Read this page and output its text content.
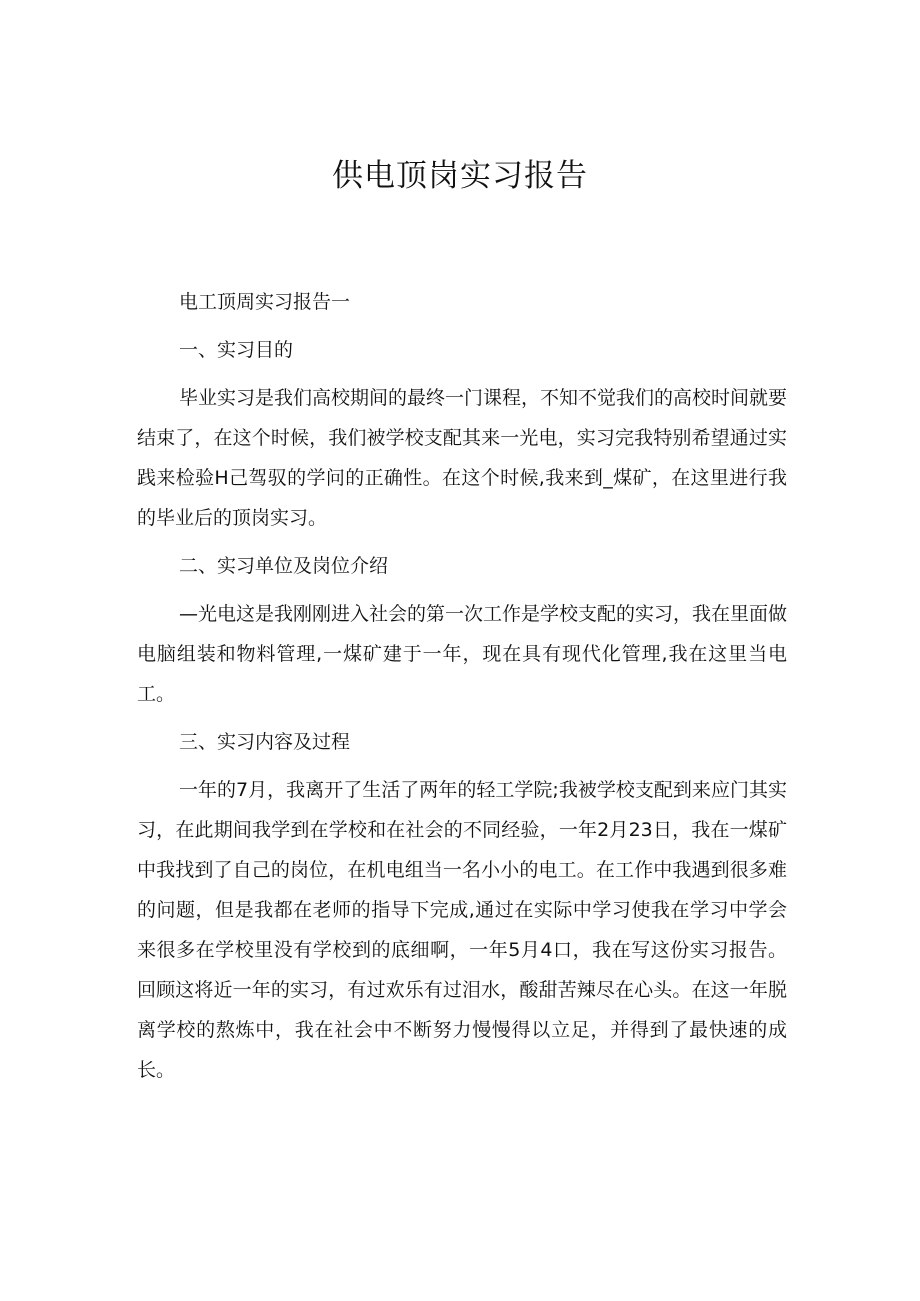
供电顶岗实习报告

电工顶周实习报告一

一、实习目的

毕业实习是我们高校期间的最终一门课程，不知不觉我们的高校时间就要结束了，在这个时候，我们被学校支配其来一光电，实习完我特别希望通过实践来检验H己驾驭的学问的正确性。在这个时候,我来到_煤矿，在这里进行我的毕业后的顶岗实习。

二、实习单位及岗位介绍

—光电这是我刚刚进入社会的第一次工作是学校支配的实习，我在里面做电脑组装和物料管理,一煤矿建于一年，现在具有现代化管理,我在这里当电工。

三、实习内容及过程

一年的7月，我离开了生活了两年的轻工学院;我被学校支配到来应门其实习，在此期间我学到在学校和在社会的不同经验，一年2月23日，我在一煤矿中我找到了自己的岗位，在机电组当一名小小的电工。在工作中我遇到很多难的问题，但是我都在老师的指导下完成,通过在实际中学习使我在学习中学会来很多在学校里没有学校到的底细啊，一年5月4口，我在写这份实习报告。回顾这将近一年的实习，有过欢乐有过泪水，酸甜苦辣尽在心头。在这一年脱离学校的熬炼中，我在社会中不断努力慢慢得以立足，并得到了最快速的成长。
